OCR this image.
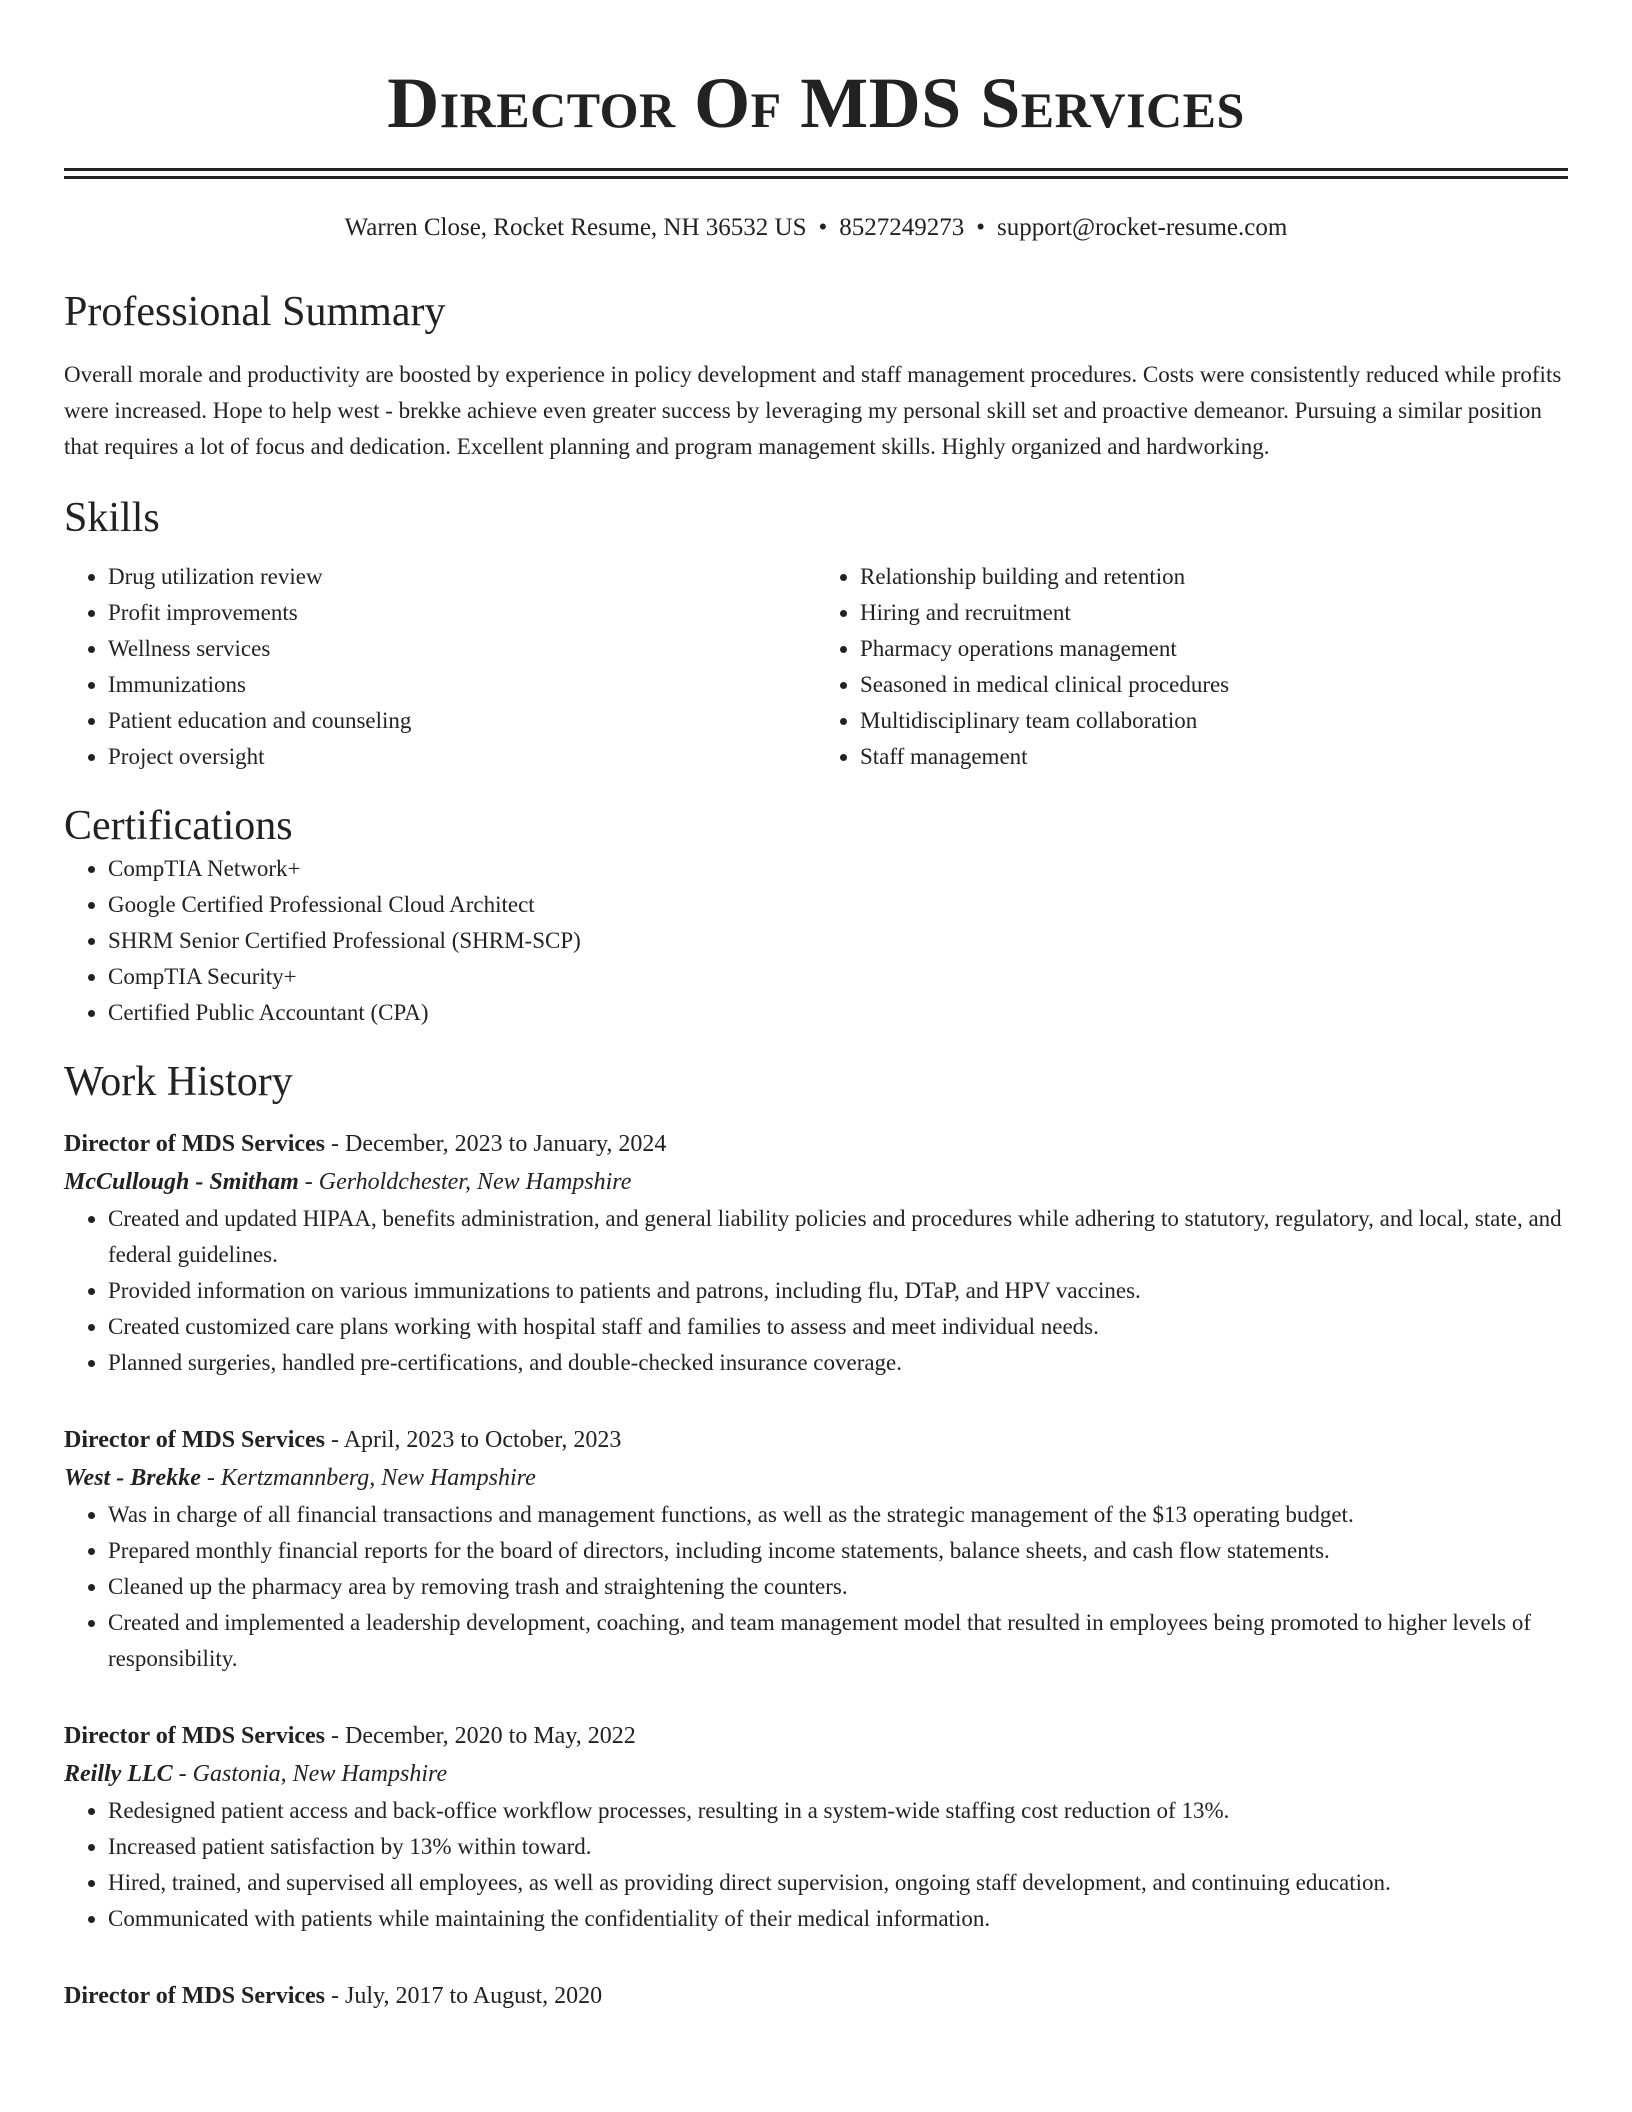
Director Of MDS Services
Warren Close, Rocket Resume, NH 36532 US • 8527249273 • support@rocket-resume.com
Professional Summary

Overall morale and productivity are boosted by experience in policy development and staff management procedures. Costs were consistently reduced while profits were increased. Hope to help west - brekke achieve even greater success by leveraging my personal skill set and proactive demeanor. Pursuing a similar position that requires a lot of focus and dedication. Excellent planning and program management skills. Highly organized and hardworking.

Skills
• Drug utilization review
• Profit improvements
• Wellness services
• Immunizations
• Patient education and counseling
• Project oversight
• Relationship building and retention
• Hiring and recruitment
• Pharmacy operations management
• Seasoned in medical clinical procedures
• Multidisciplinary team collaboration
• Staff management
Certifications
• CompTIA Network+
• Google Certified Professional Cloud Architect
• SHRM Senior Certified Professional (SHRM-SCP)
• CompTIA Security+
• Certified Public Accountant (CPA)
Work History
Director of MDS Services - December, 2023 to January, 2024
McCullough - Smitham - Gerholdchester, New Hampshire
• Created and updated HIPAA, benefits administration, and general liability policies and procedures while adhering to statutory, regulatory, and local, state, and federal guidelines.
• Provided information on various immunizations to patients and patrons, including flu, DTaP, and HPV vaccines.
• Created customized care plans working with hospital staff and families to assess and meet individual needs.
• Planned surgeries, handled pre-certifications, and double-checked insurance coverage.
Director of MDS Services - April, 2023 to October, 2023
West - Brekke - Kertzmannberg, New Hampshire
• Was in charge of all financial transactions and management functions, as well as the strategic management of the $13 operating budget.
• Prepared monthly financial reports for the board of directors, including income statements, balance sheets, and cash flow statements.
• Cleaned up the pharmacy area by removing trash and straightening the counters.
• Created and implemented a leadership development, coaching, and team management model that resulted in employees being promoted to higher levels of responsibility.
Director of MDS Services - December, 2020 to May, 2022
Reilly LLC - Gastonia, New Hampshire
• Redesigned patient access and back-office workflow processes, resulting in a system-wide staffing cost reduction of 13%.
• Increased patient satisfaction by 13% within toward.
• Hired, trained, and supervised all employees, as well as providing direct supervision, ongoing staff development, and continuing education.
• Communicated with patients while maintaining the confidentiality of their medical information.
Director of MDS Services - July, 2017 to August, 2020
